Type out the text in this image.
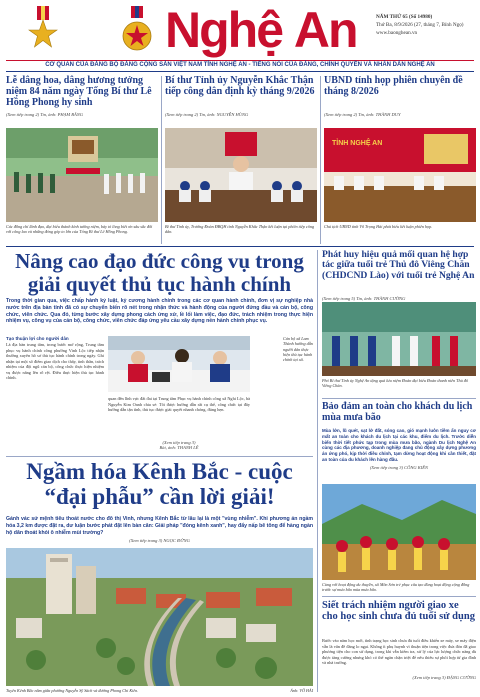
Nghệ An	NĂM THỨ 65 (Số 14980)
Thứ Ba, 8/9/2026 (27, tháng 7, Bính Ngọ)
www.baonghean.vn
CƠ QUAN CỦA ĐẢNG BỘ ĐẢNG CỘNG SẢN VIỆT NAM TỈNH NGHỆ AN - TIẾNG NÓI CỦA ĐẢNG, CHÍNH QUYỀN VÀ NHÂN DÂN NGHỆ AN
Lễ dâng hoa, dâng hương tưởng niệm 84 năm ngày Tổng Bí thư Lê Hồng Phong hy sinh
(Xem tiếp trang 2) Tin, ảnh: PHẠM BẰNG
Bí thư Tỉnh ủy Nguyễn Khắc Thận tiếp công dân định kỳ tháng 9/2026
(Xem tiếp trang 2) Tin, ảnh: NGUYỄN HÙNG
UBND tỉnh họp phiên chuyên đề tháng 8/2026
(Xem tiếp trang 2) Tin, ảnh: THÀNH DUY
Các đồng chí lãnh đạo, đại biểu thành kính tưởng niệm, bày tỏ lòng biết ơn sâu sắc đối với công lao và những đóng góp to lớn của Tổng Bí thư Lê Hồng Phong.
Bí thư Tỉnh ủy, Trưởng Đoàn ĐBQH tỉnh Nguyễn Khắc Thận kết luận tại phiên tiếp công dân.
TỈNH NGHỆ AN
Chủ tịch UBND tỉnh Võ Trọng Hải phát biểu kết luận phiên họp.
Nâng cao đạo đức công vụ trong giải quyết thủ tục hành chính
Trong thời gian qua, việc chấp hành kỷ luật, kỷ cương hành chính trong các cơ quan hành chính, đơn vị sự nghiệp nhà nước trên địa bàn tỉnh đã có sự chuyển biến rõ nét trong nhận thức và hành động của người đứng đầu và cán bộ, công chức, viên chức. Qua đó, từng bước xây dựng phong cách ứng xử, lề lối làm việc, đạo đức, trách nhiệm trong thực hiện nhiệm vụ, công vụ của cán bộ, công chức, viên chức đáp ứng yêu cầu xây dựng nền hành chính phục vụ.
Tạo thuận lợi cho người dân
Là địa bàn trung tâm, trong bước mở rộng, Trung tâm phục vụ hành chính công phường Vinh Lộc tiếp nhận thường xuyên hồ sơ thủ tục hành chính trong ngày. Ghi nhận tại một số điểm giao dịch cho thấy, tinh thần, trách nhiệm của đội ngũ cán bộ, công chức thực hiện nhiệm vụ được nâng lên rõ rệt. Điều thực hiện thủ tục hành chính.
Cán bộ xã Lam Thành hướng dẫn người dân thực hiện thủ tục hành chính tại xã.
quan đến lĩnh vực đất đai tại Trung tâm Phục vụ hành chính công xã Nghi Lộc, bà Nguyễn Kim Oanh chia sẻ: Tôi được hướng dẫn rất cụ thể, công chức tại đây hướng dẫn tận tình, thủ tục được giải quyết nhanh chóng, đúng hẹn.
(Xem tiếp trang 3)
Bài, ảnh: THANH LÊ
Phát huy hiệu quả mối quan hệ hợp tác giữa tuổi trẻ Thủ đô Viêng Chăn (CHDCND Lào) với tuổi trẻ Nghệ An
(Xem tiếp trang 5) Tin, ảnh: THÀNH CƯỜNG
Phó Bí thư Tỉnh ủy Nghệ An tặng quà lưu niệm Đoàn đại biểu Đoàn thanh niên Thủ đô Viêng Chăn.
Bảo đảm an toàn cho khách du lịch mùa mưa bão
Mùa lớn, lũ quét, sạt lở đất, sóng cao, gió mạnh luôn tiềm ẩn nguy cơ mất an toàn cho khách du lịch tại các khu, điểm du lịch. Trước diễn biến thời tiết phức tạp trong mùa mưa bão, ngành Du lịch Nghệ An cùng các địa phương, doanh nghiệp đang chủ động xây dựng phương án ứng phó, kịp thời điều chỉnh, tạm dừng hoạt động khi cần thiết, đặt an toàn của du khách lên hàng đầu.
(Xem tiếp trang 3) CÔNG KIÊN
Cùng với hoạt động du thuyền, xã Môn Sơn trẻ phục cấu tạo đùng hoạt động cộng đồng trước sự mưa bão mùa mưa bão.
Siết trách nhiệm người giao xe cho học sinh chưa đủ tuổi sử dụng
Bước vào năm học mới, tình trạng học sinh chưa đủ tuổi điều khiển xe máy, xe máy điện vẫn là vấn đề đáng lo ngại. Không ít phụ huynh vì thuận tiện trong việc đưa đón đã giao phương tiện cho con sử dụng, trong khi vẫn kiểm tra, xử lý của lực lượng chức năng dù được tăng cường nhưng khó có thể ngăn chặn triệt để nếu thiếu sự phối hợp từ gia đình và nhà trường.
(Xem tiếp trang 3) ĐẶNG CƯỜNG
Ngầm hóa Kênh Bắc - cuộc “đại phẫu” cần lời giải!
Gánh vác sứ mệnh tiêu thoát nước cho đô thị Vinh, nhưng Kênh Bắc từ lâu lại là một "vùng nhiễm". Khi phương án ngầm hóa 3,2 km được đặt ra, dư luận bước phát đặt lên bàn cân: Giải pháp "đóng kênh xanh", hay đẩy nấp bê tông để hàng ngàn hộ dân thoát khỏi ô nhiễm mùi trường?
(Xem tiếp trang 3) NGỌC ĐỨNG
Tuyến Kênh Bắc nằm giữa phường Nguyễn Sỹ Sách và đường Phong Chi Kiên.	Ảnh: VÕ HẢI
